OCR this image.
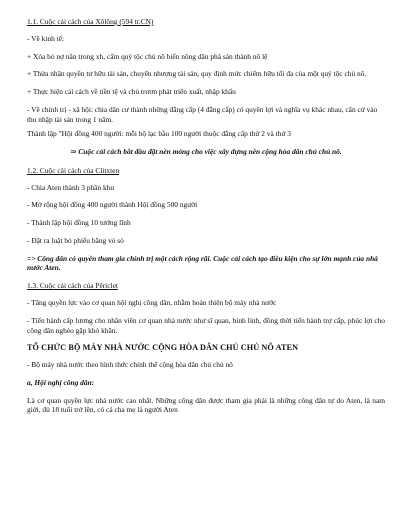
1.1. Cuộc cải cách của Xôlông (594 tr.CN)

- Về kinh tế:

+ Xóa bỏ nợ nần trong xh, cấm quý tộc chủ nô biến nông dân phá sản thành nô lệ

+ Thừa nhận quyền tư hữu tài sản, chuyển nhượng tài sản, quy định mức chiếm hữu tối đa của một quý tộc chủ nô.

+ Thực hiện cải cách về tiền tệ và chủ trươn phát triển xuất, nhập khẩu

- Về chính trị - xã hội: chia dân cư thành những đẳng cấp (4 đẳng cấp) có quyền lợi và nghĩa vụ khác nhau, căn cứ vào thu nhập tài sản trong 1 năm.

Thành lập "Hội đồng 400 người: mỗi bộ lạc bầu 100 người thuộc đẳng cấp thứ 2 và thứ 3

⇒ Cuộc cải cách bắt đầu đặt nền móng cho việc xây dựng nền cộng hòa dân chủ chủ nô.

1.2. Cuộc cải cách của Clitxten

- Chia Aten thành 3 phần khu

- Mở rộng hội đồng 400 người thành Hội đồng 500 người

- Thành lập hội đồng 10 tướng lĩnh

- Đặt ra luật bỏ phiếu bằng vỏ sò

=> Công dân có quyền tham gia chính trị một cách rộng rãi. Cuộc cải cách tạo điều kiện cho sự lớn mạnh của nhà nước Aten.

1.3. Cuộc cải cách của Pêriclet

- Tăng quyền lực vào cơ quan hội nghị công dân, nhằm hoàn thiện bộ máy nhà nước

- Tiến hành cấp lương cho nhân viên cơ quan nhà nước như sĩ quan, binh lính, đồng thời tiến hành trợ cấp, phúc lợi cho công dân nghèo gặp khó khăn.

TỔ CHỨC BỘ MÁY NHÀ NƯỚC CỘNG HÒA DÂN CHỦ CHỦ NÔ ATEN

- Bộ máy nhà nước theo hình thức chính thể cộng hòa dân chủ chủ nô

a, Hội nghị công dân:

Là cơ quan quyền lực nhà nước cao nhất. Những công dân được tham gia phải là những công dân tự do Aten, là nam giới, đủ 18 tuổi trở lên, có cả cha mẹ là người Aten
